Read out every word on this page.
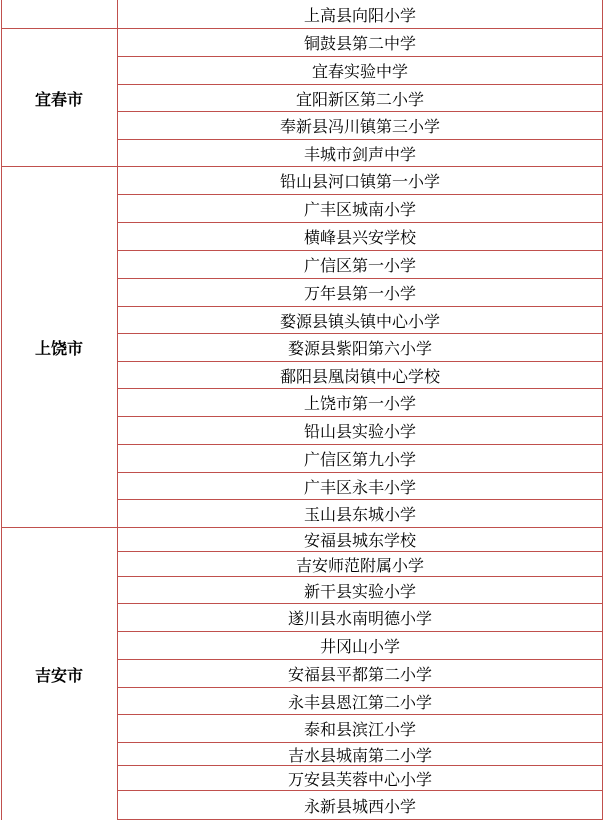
上高县向阳小学
铜鼓县第二中学
宜春实验中学
宜阳新区第二小学
奉新县冯川镇第三小学
丰城市剑声中学
宜春市
铅山县河口镇第一小学
广丰区城南小学
横峰县兴安学校
广信区第一小学
万年县第一小学
婺源县镇头镇中心小学
婺源县紫阳第六小学
鄱阳县凰岗镇中心学校
上饶市第一小学
铅山县实验小学
广信区第九小学
广丰区永丰小学
玉山县东城小学
上饶市
安福县城东学校
吉安师范附属小学
新干县实验小学
遂川县水南明德小学
井冈山小学
安福县平都第二小学
永丰县恩江第二小学
泰和县滨江小学
吉水县城南第二小学
万安县芙蓉中心小学
永新县城西小学
吉安市
